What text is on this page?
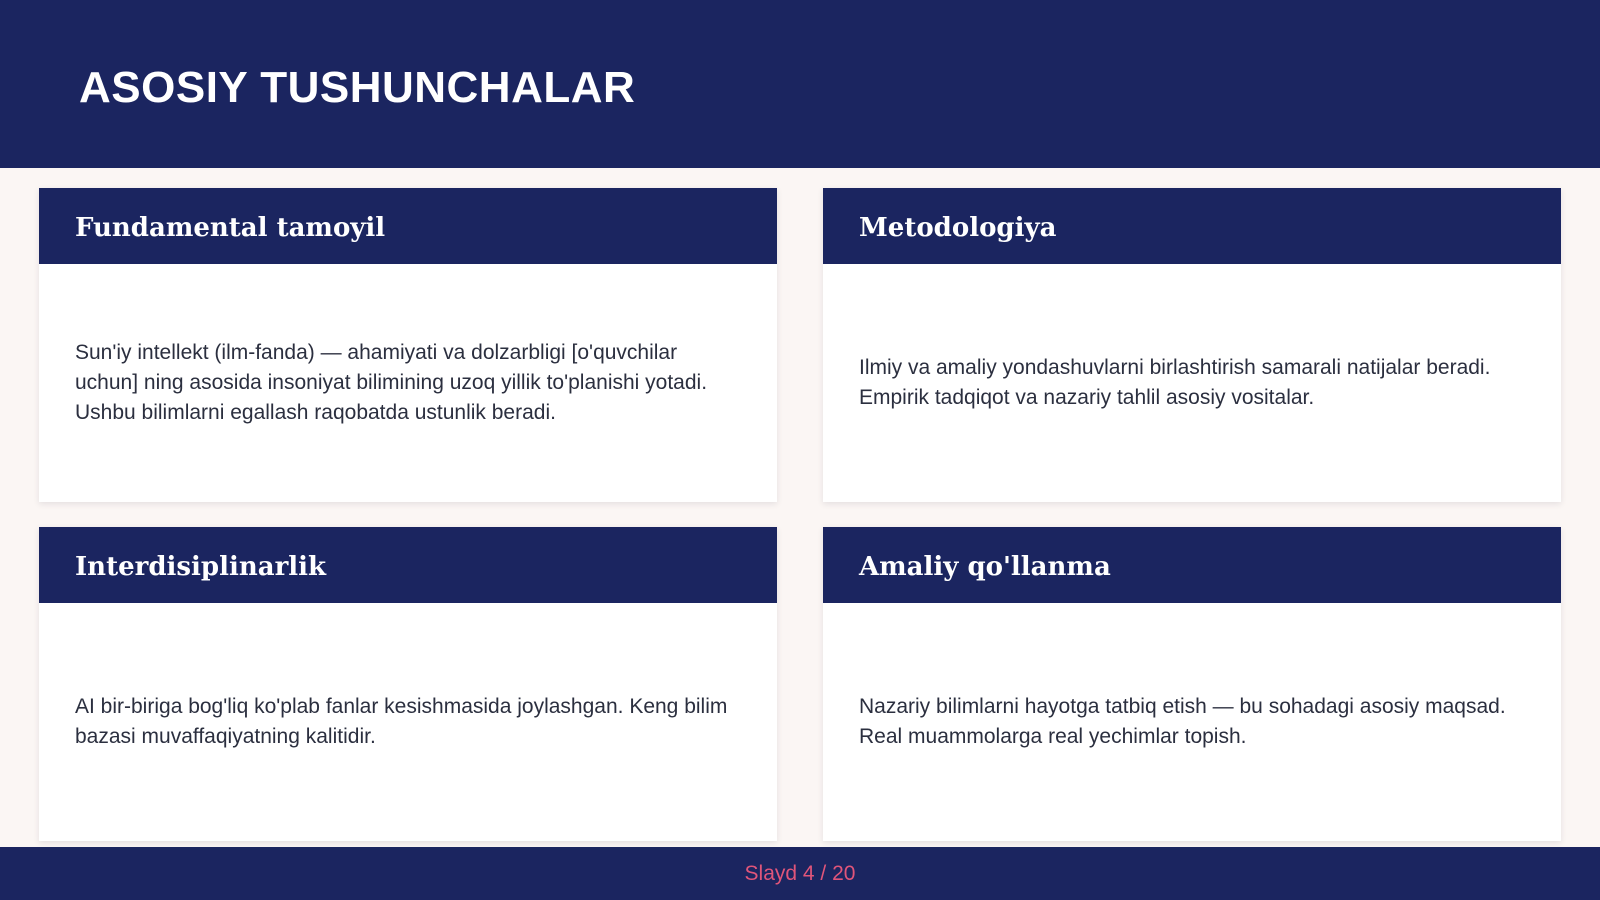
ASOSIY TUSHUNCHALAR
Fundamental tamoyil

Sun'iy intellekt (ilm-fanda) — ahamiyati va dolzarbligi [o'quvchilar uchun] ning asosida insoniyat bilimining uzoq yillik to'planishi yotadi. Ushbu bilimlarni egallash raqobatda ustunlik beradi.

Metodologiya

Ilmiy va amaliy yondashuvlarni birlashtirish samarali natijalar beradi. Empirik tadqiqot va nazariy tahlil asosiy vositalar.

Interdisiplinarlik

AI bir-biriga bog'liq ko'plab fanlar kesishmasida joylashgan. Keng bilim bazasi muvaffaqiyatning kalitidir.

Amaliy qo'llanma

Nazariy bilimlarni hayotga tatbiq etish — bu sohadagi asosiy maqsad. Real muammolarga real yechimlar topish.

Slayd 4 / 20
